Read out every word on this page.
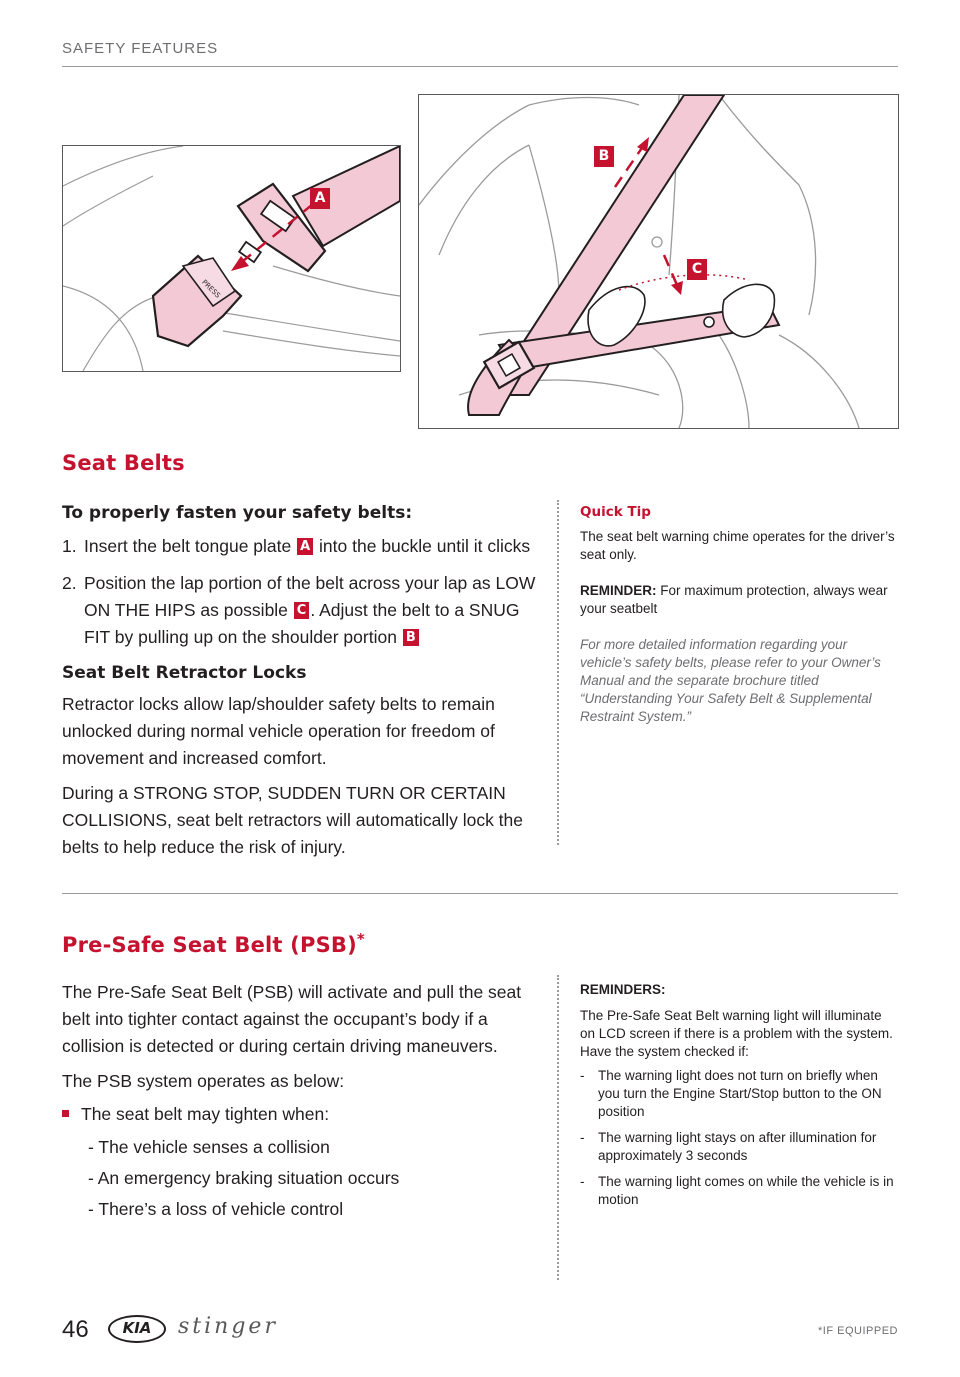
SAFETY FEATURES
PRESS
A
B
C
Seat Belts
To properly fasten your safety belts:
1. Insert the belt tongue plate A into the buckle until it clicks
2. Position the lap portion of the belt across your lap as LOW ON THE HIPS as possible C . Adjust the belt to a SNUG FIT by pulling up on the shoulder portion B
Seat Belt Retractor Locks

Retractor locks allow lap/shoulder safety belts to remain unlocked during normal vehicle operation for freedom of movement and increased comfort.

During a STRONG STOP, SUDDEN TURN OR CERTAIN COLLISIONS, seat belt retractors will automatically lock the belts to help reduce the risk of injury.

Quick Tip
The seat belt warning chime operates for the driver’s seat only.
REMINDER: For maximum protection, always wear your seatbelt
For more detailed information regarding your vehicle’s safety belts, please refer to your Owner’s Manual and the separate brochure titled “Understanding Your Safety Belt & Supplemental Restraint System.”
Pre-Safe Seat Belt (PSB)*

The Pre-Safe Seat Belt (PSB) will activate and pull the seat belt into tighter contact against the occupant’s body if a collision is detected or during certain driving maneuvers.

The PSB system operates as below:

The seat belt may tighten when:
- The vehicle senses a collision
- An emergency braking situation occurs
- There’s a loss of vehicle control
REMINDERS:
The Pre-Safe Seat Belt warning light will illuminate on LCD screen if there is a problem with the system. Have the system checked if:
- The warning light does not turn on briefly when you turn the Engine Start/Stop button to the ON position
- The warning light stays on after illumination for approximately 3 seconds
- The warning light comes on while the vehicle is in motion
46	KIA	stinger	*IF EQUIPPED
